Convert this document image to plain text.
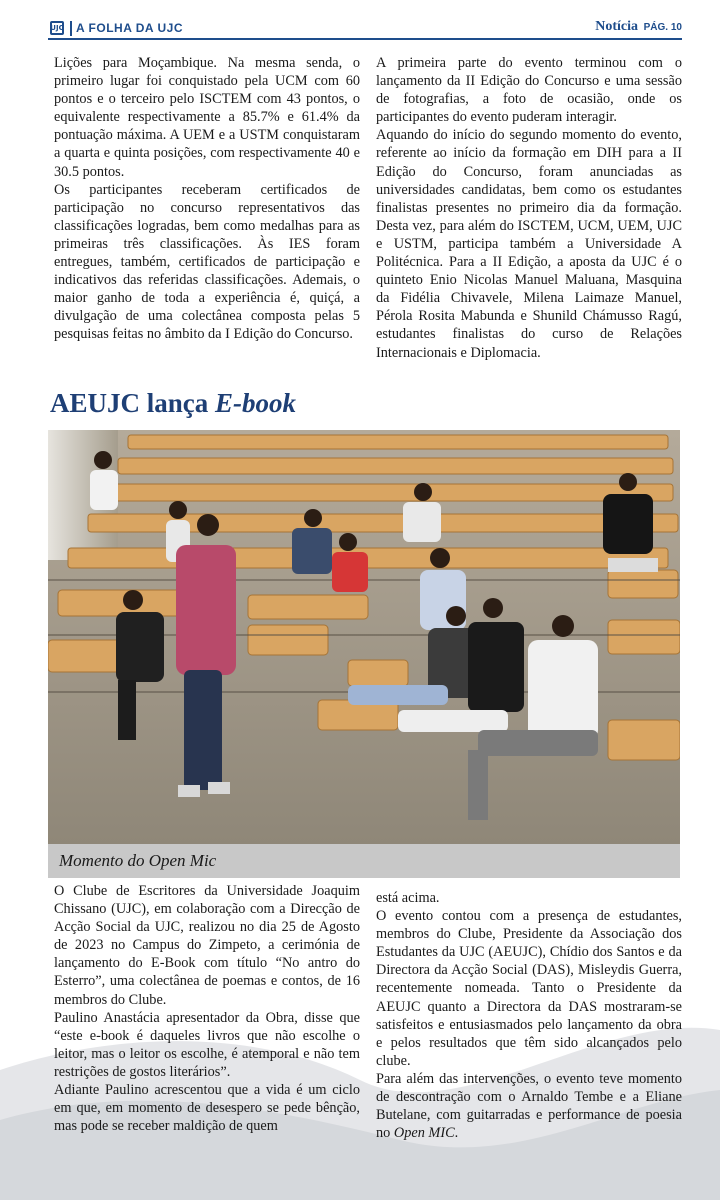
UJC A FOLHA DA UJC	Notícia PÁG. 10

Lições para Moçambique. Na mesma senda, o primeiro lugar foi conquistado pela UCM com 60 pontos e o terceiro pelo ISCTEM com 43 pontos, o equivalente respectivamente a 85.7% e 61.4% da pontuação máxima. A UEM e a USTM conquistaram a quarta e quinta posições, com respectivamente 40 e 30.5 pontos.

Os participantes receberam certificados de participação no concurso representativos das classificações logradas, bem como medalhas para as primeiras três classificações. Às IES foram entregues, também, certificados de participação e indicativos das referidas classificações. Ademais, o maior ganho de toda a experiência é, quiçá, a divulgação de uma colectânea composta pelas 5 pesquisas feitas no âmbito da I Edição do Concurso.

A primeira parte do evento terminou com o lançamento da II Edição do Concurso e uma sessão de fotografias, a foto de ocasião, onde os participantes do evento puderam interagir.

Aquando do início do segundo momento do evento, referente ao início da formação em DIH para a II Edição do Concurso, foram anunciadas as universidades candidatas, bem como os estudantes finalistas presentes no primeiro dia da formação. Desta vez, para além do ISCTEM, UCM, UEM, UJC e USTM, participa também a Universidade A Politécnica. Para a II Edição, a aposta da UJC é o quinteto Enio Nicolas Manuel Maluana, Masquina da Fidélia Chivavele, Milena Laimaze Manuel, Pérola Rosita Mabunda e Shunild Chámusso Ragú, estudantes finalistas do curso de Relações Internacionais e Diplomacia.

AEUJC lança E-book
Momento do Open Mic

O Clube de Escritores da Universidade Joaquim Chissano (UJC), em colaboração com a Direcção de Acção Social da UJC, realizou no dia 25 de Agosto de 2023 no Campus do Zimpeto, a cerimónia de lançamento do E-Book com título “No antro do Esterro”, uma colectânea de poemas e contos, de 16 membros do Clube.

Paulino Anastácia apresentador da Obra, disse que “este e-book é daqueles livros que não escolhe o leitor, mas o leitor os escolhe, é atemporal e não tem restrições de gostos literários”.

Adiante Paulino acrescentou que a vida é um ciclo em que, em momento de desespero se pede bênção, mas pode se receber maldição de quem

está acima.

O evento contou com a presença de estudantes, membros do Clube, Presidente da Associação dos Estudantes da UJC (AEUJC), Chídio dos Santos e da Directora da Acção Social (DAS), Misleydis Guerra, recentemente nomeada. Tanto o Presidente da AEUJC quanto a Directora da DAS mostraram-se satisfeitos e entusiasmados pelo lançamento da obra e pelos resultados que têm sido alcançados pelo clube.

Para além das intervenções, o evento teve momento de descontração com o Arnaldo Tembe e a Eliane Butelane, com guitarradas e performance de poesia no Open MIC.
